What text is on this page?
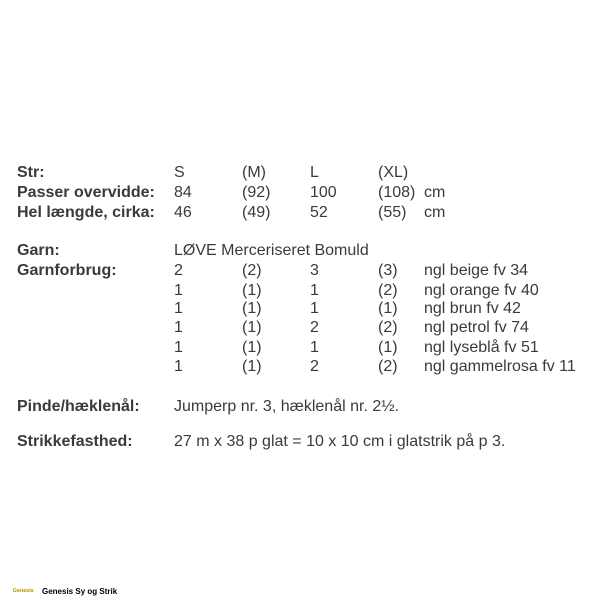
Str:	S	(M)	L	(XL)
Passer overvidde: 84	(92) 100	(108) cm
Hel længde, cirka: 46	(49) 52	(55) cm
Garn:	LØVE Merceriseret Bomuld
Garnforbrug:	2	(2)	3	(3) ngl beige fv 34
1	(1)	1	(2) ngl orange fv 40
1	(1)	1	(1) ngl brun fv 42
1	(1)	2	(2) ngl petrol fv 74
1	(1)	1	(1) ngl lyseblå fv 51
1	(1)	2	(2) ngl gammelrosa fv 11
Pinde/hæklenål: Jumperp nr. 3, hæklenål nr. 2½.
Strikkefasthed:	27 m x 38 p glat = 10 x 10 cm i glatstrik på p 3.
Genesis	Genesis Sy og Strik
